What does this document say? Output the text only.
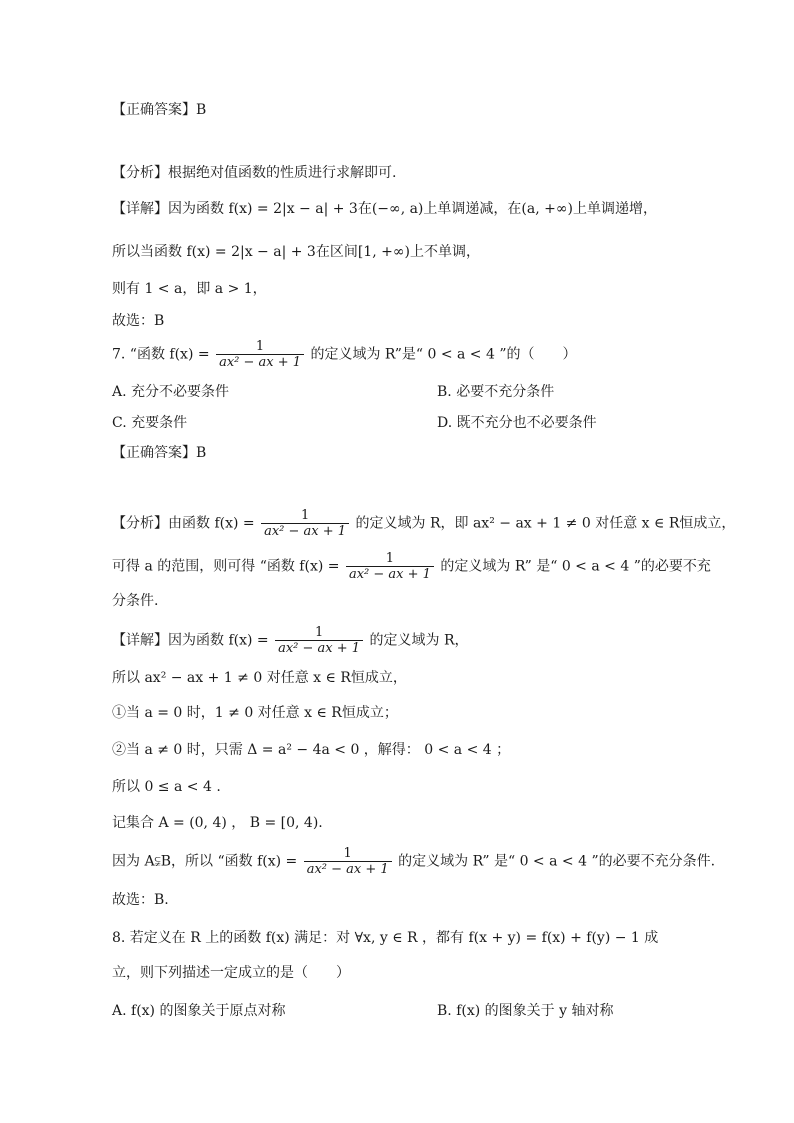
【正确答案】B
【分析】根据绝对值函数的性质进行求解即可.
【详解】因为函数 f(x) = 2|x − a| + 3在(−∞, a)上单调递减，在(a, +∞)上单调递增，
所以当函数 f(x) = 2|x − a| + 3在区间[1, +∞)上不单调，
则有 1 < a，即 a > 1，
故选：B
7. “函数 $f(x) = \frac{1}{\text{ax² − ax + 1}}$ 的定义域为 R”是“ 0 < a < 4 ”的（　　）
A. 充分不必要条件	B. 必要不充分条件
C. 充要条件	D. 既不充分也不必要条件
【正确答案】B
【分析】由函数 $f(x) = \frac{1}{\text{ax² − ax + 1}}$ 的定义域为 R，即 ax² − ax + 1 ≠ 0 对任意 x ∈ R恒成立，
可得 a 的范围，则可得 “函数 $f(x) = \frac{1}{\text{ax² − ax + 1}}$ 的定义域为 R” 是“ 0 < a < 4 ”的必要不充
分条件.
【详解】因为函数 $f(x) = \frac{1}{\text{ax² − ax + 1}}$ 的定义域为 R，
所以 ax² − ax + 1 ≠ 0 对任意 x ∈ R恒成立，
①当 a = 0 时，1 ≠ 0 对任意 x ∈ R恒成立；
②当 a ≠ 0 时，只需 Δ = a² − 4a < 0 ，解得： 0 < a < 4 ；
所以 0 ≤ a < 4 .
记集合 A = (0, 4) ， B = [0, 4).
因为 A⫋B，所以 “函数 $f(x) = \frac{1}{\text{ax² − ax + 1}}$ 的定义域为 R” 是“ 0 < a < 4 ”的必要不充分条件.
故选：B.
8. 若定义在 R 上的函数 f(x) 满足：对 ∀x, y ∈ R ，都有 f(x + y) = f(x) + f(y) − 1 成
立，则下列描述一定成立的是（　　）
A. f(x) 的图象关于原点对称	B. f(x) 的图象关于 y 轴对称
